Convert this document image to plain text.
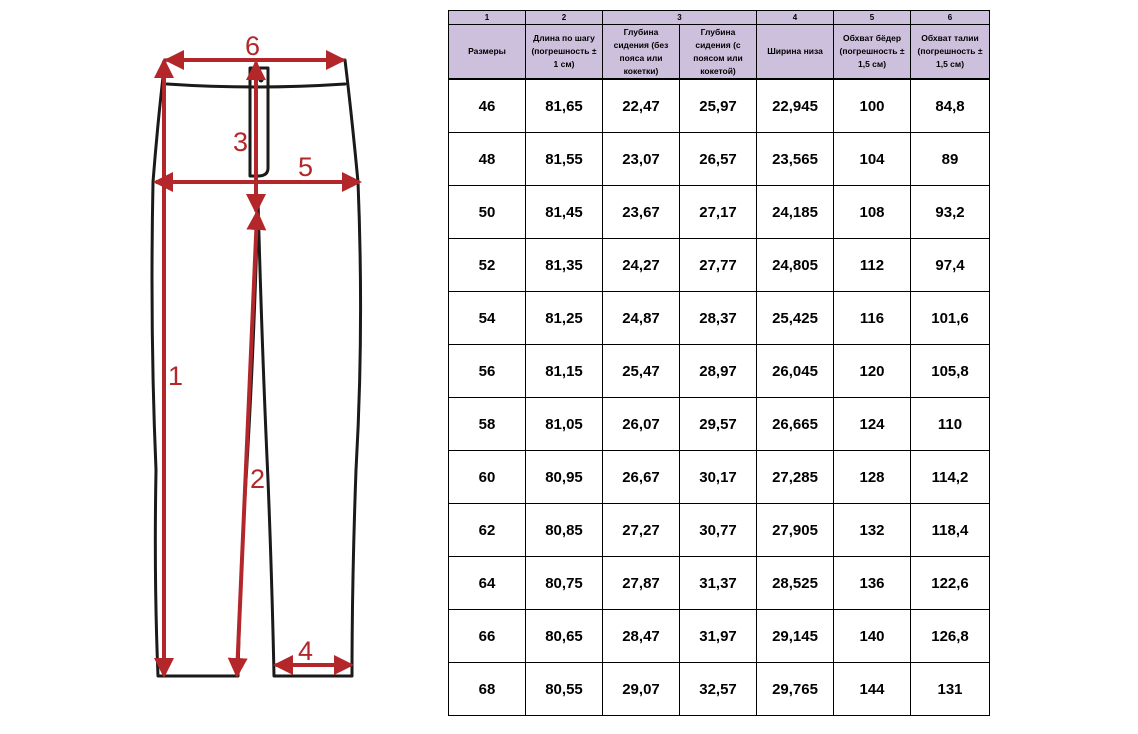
6
3
5
1
2
4
1	2	3		4	5	6
Размеры	Длина по шагу (погрешность ± 1 см)	Глубина сидения (без пояса или кокетки)	Глубина сидения (с поясом или кокетой)	Ширина низа	Обхват бёдер (погрешность ± 1,5 см)	Обхват талии (погрешность ± 1,5 см)
46	81,65	22,47	25,97	22,945	100	84,8
48	81,55	23,07	26,57	23,565	104	89
50	81,45	23,67	27,17	24,185	108	93,2
52	81,35	24,27	27,77	24,805	112	97,4
54	81,25	24,87	28,37	25,425	116	101,6
56	81,15	25,47	28,97	26,045	120	105,8
58	81,05	26,07	29,57	26,665	124	110
60	80,95	26,67	30,17	27,285	128	114,2
62	80,85	27,27	30,77	27,905	132	118,4
64	80,75	27,87	31,37	28,525	136	122,6
66	80,65	28,47	31,97	29,145	140	126,8
68	80,55	29,07	32,57	29,765	144	131
